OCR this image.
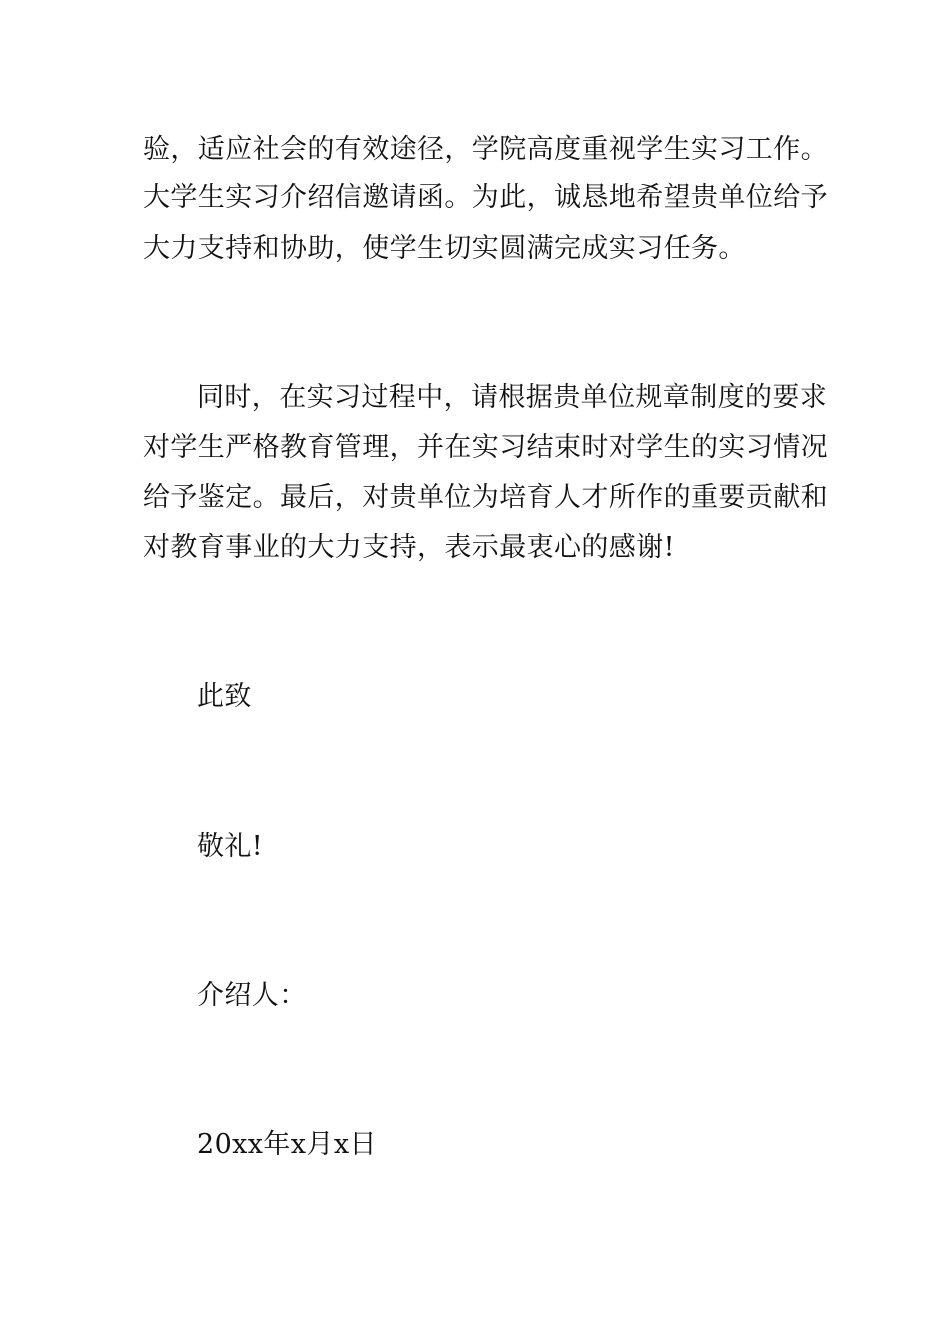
验，适应社会的有效途径，学院高度重视学生实习工作。
大学生实习介绍信邀请函。为此，诚恳地希望贵单位给予
大力支持和协助，使学生切实圆满完成实习任务。
同时，在实习过程中，请根据贵单位规章制度的要求
对学生严格教育管理，并在实习结束时对学生的实习情况
给予鉴定。最后，对贵单位为培育人才所作的重要贡献和
对教育事业的大力支持，表示最衷心的感谢!
此致
敬礼!
介绍人：
20xx年x月x日
